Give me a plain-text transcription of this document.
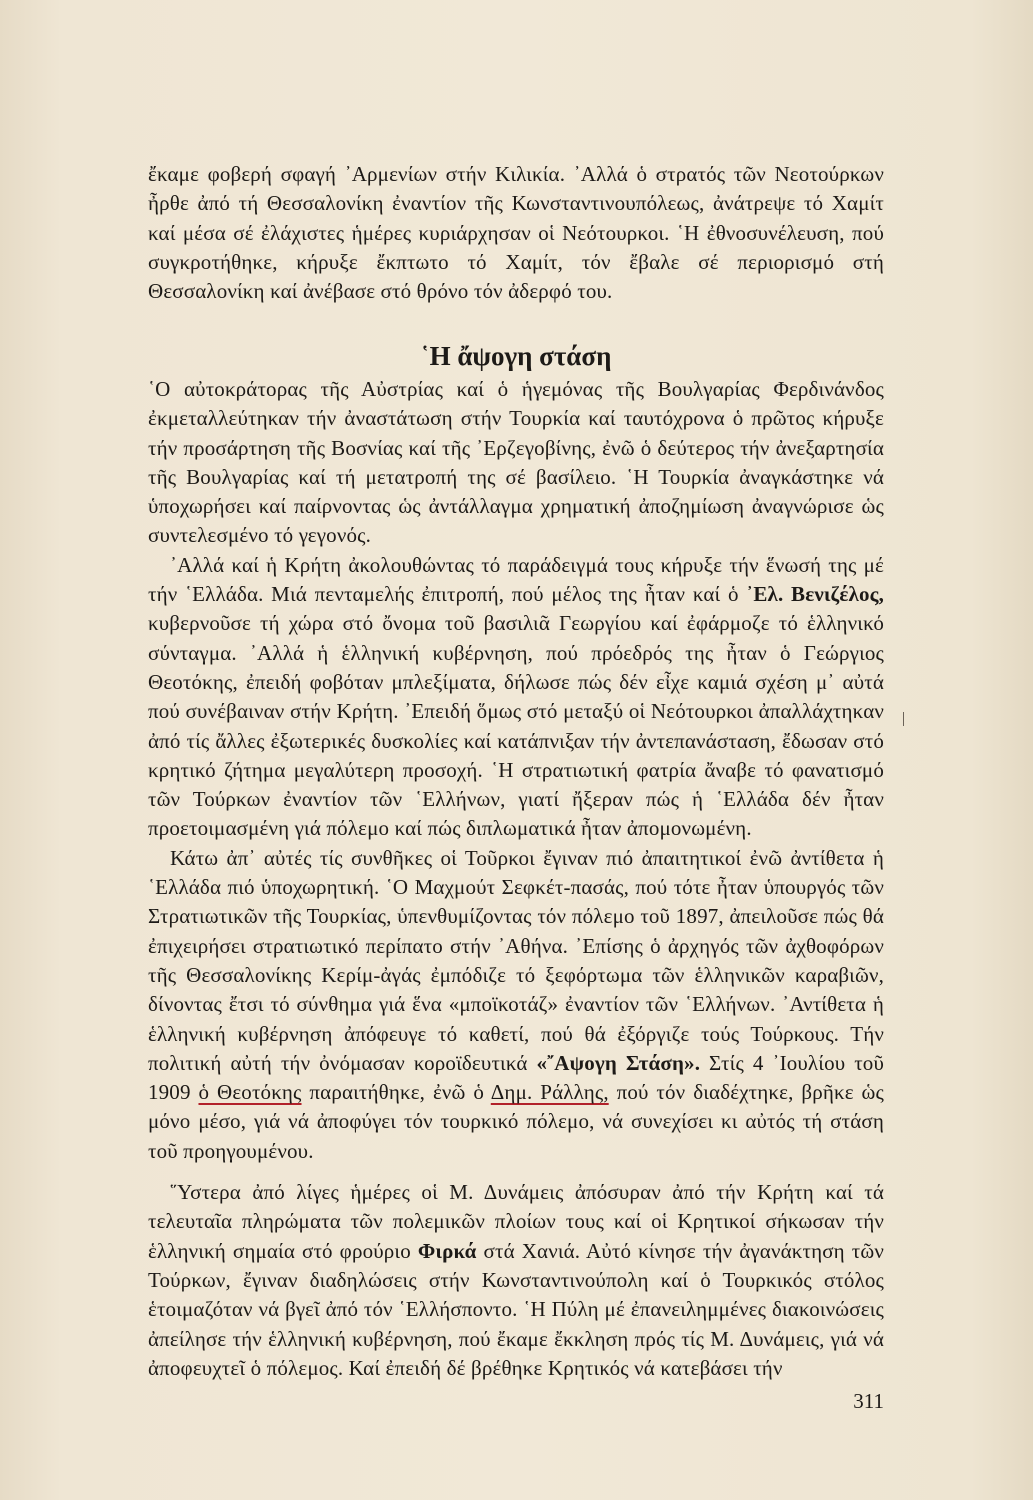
ἔκαμε φοβερή σφαγή ᾿Αρμενίων στήν Κιλικία. ᾿Αλλά ὁ στρατός τῶν Νεοτούρκων ἦρθε ἀπό τή Θεσσαλονίκη ἐναντίον τῆς Κωνσταντινουπόλεως, ἀνάτρεψε τό Χαμίτ καί μέσα σέ ἐλάχιστες ἡμέρες κυριάρχησαν οἱ Νεότουρκοι. ῾Η ἐθνοσυνέλευση, πού συγκροτήθηκε, κήρυξε ἔκπτωτο τό Χαμίτ, τόν ἔβαλε σέ περιορισμό στή Θεσσαλονίκη καί ἀνέβασε στό θρόνο τόν ἀδερφό του.

῾Η ἄψογη στάση

῾Ο αὐτοκράτορας τῆς Αὐστρίας καί ὁ ἡγεμόνας τῆς Βουλγαρίας Φερδινάνδος ἐκμεταλλεύτηκαν τήν ἀναστάτωση στήν Τουρκία καί ταυτόχρονα ὁ πρῶτος κήρυξε τήν προσάρτηση τῆς Βοσνίας καί τῆς ᾿Ερζεγοβίνης, ἐνῶ ὁ δεύτερος τήν ἀνεξαρτησία τῆς Βουλγαρίας καί τή μετατροπή της σέ βασίλειο. ῾Η Τουρκία ἀναγκάστηκε νά ὑποχωρήσει καί παίρνοντας ὡς ἀντάλλαγμα χρηματική ἀποζημίωση ἀναγνώρισε ὡς συντελεσμένο τό γεγονός.

᾿Αλλά καί ἡ Κρήτη ἀκολουθώντας τό παράδειγμά τους κήρυξε τήν ἕνωσή της μέ τήν ῾Ελλάδα. Μιά πενταμελής ἐπιτροπή, πού μέλος της ἦταν καί ὁ ᾿Ελ. Βενιζέλος, κυβερνοῦσε τή χώρα στό ὄνομα τοῦ βασιλιᾶ Γεωργίου καί ἐφάρμοζε τό ἑλληνικό σύνταγμα. ᾿Αλλά ἡ ἑλληνική κυβέρνηση, πού πρόεδρός της ἦταν ὁ Γεώργιος Θεοτόκης, ἐπειδή φοβόταν μπλεξίματα, δήλωσε πώς δέν εἶχε καμιά σχέση μ᾿ αὐτά πού συνέβαιναν στήν Κρήτη. ᾿Επειδή ὅμως στό μεταξύ οἱ Νεότουρκοι ἀπαλλάχτηκαν ἀπό τίς ἄλλες ἐξωτερικές δυσκολίες καί κατάπνιξαν τήν ἀντεπανάσταση, ἔδωσαν στό κρητικό ζήτημα μεγαλύτερη προσοχή. ῾Η στρατιωτική φατρία ἄναβε τό φανατισμό τῶν Τούρκων ἐναντίον τῶν ῾Ελλήνων, γιατί ἤξεραν πώς ἡ ῾Ελλάδα δέν ἦταν προετοιμασμένη γιά πόλεμο καί πώς διπλωματικά ἦταν ἀπομονωμένη.

Κάτω ἀπ᾿ αὐτές τίς συνθῆκες οἱ Τοῦρκοι ἔγιναν πιό ἀπαιτητικοί ἐνῶ ἀντίθετα ἡ ῾Ελλάδα πιό ὑποχωρητική. ῾Ο Μαχμούτ Σεφκέτ-πασάς, πού τότε ἦταν ὑπουργός τῶν Στρατιωτικῶν τῆς Τουρκίας, ὑπενθυμίζοντας τόν πόλεμο τοῦ 1897, ἀπειλοῦσε πώς θά ἐπιχειρήσει στρατιωτικό περίπατο στήν ᾿Αθήνα. ᾿Επίσης ὁ ἀρχηγός τῶν ἀχθοφόρων τῆς Θεσσαλονίκης Κερίμ-ἀγάς ἐμπόδιζε τό ξεφόρτωμα τῶν ἑλληνικῶν καραβιῶν, δίνοντας ἔτσι τό σύνθημα γιά ἕνα «μποϊκοτάζ» ἐναντίον τῶν ῾Ελλήνων. ᾿Αντίθετα ἡ ἑλληνική κυβέρνηση ἀπόφευγε τό καθετί, πού θά ἐξόργιζε τούς Τούρκους. Τήν πολιτική αὐτή τήν ὀνόμασαν κοροϊδευτικά «῎Αψογη Στάση». Στίς 4 ᾿Ιουλίου τοῦ 1909 ὁ Θεοτόκης παραιτήθηκε, ἐνῶ ὁ Δημ. Ράλλης, πού τόν διαδέχτηκε, βρῆκε ὡς μόνο μέσο, γιά νά ἀποφύγει τόν τουρκικό πόλεμο, νά συνεχίσει κι αὐτός τή στάση τοῦ προηγουμένου.

῞Υστερα ἀπό λίγες ἡμέρες οἱ Μ. Δυνάμεις ἀπόσυραν ἀπό τήν Κρήτη καί τά τελευταῖα πληρώματα τῶν πολεμικῶν πλοίων τους καί οἱ Κρητικοί σήκωσαν τήν ἑλληνική σημαία στό φρούριο Φιρκά στά Χανιά. Αὐτό κίνησε τήν ἀγανάκτηση τῶν Τούρκων, ἔγιναν διαδηλώσεις στήν Κωνσταντινούπολη καί ὁ Τουρκικός στόλος ἑτοιμαζόταν νά βγεῖ ἀπό τόν ῾Ελλήσποντο. ῾Η Πύλη μέ ἐπανειλημμένες διακοινώσεις ἀπείλησε τήν ἑλληνική κυβέρνηση, πού ἔκαμε ἔκκληση πρός τίς Μ. Δυνάμεις, γιά νά ἀποφευχτεῖ ὁ πόλεμος. Καί ἐπειδή δέ βρέθηκε Κρητικός νά κατεβάσει τήν

311
